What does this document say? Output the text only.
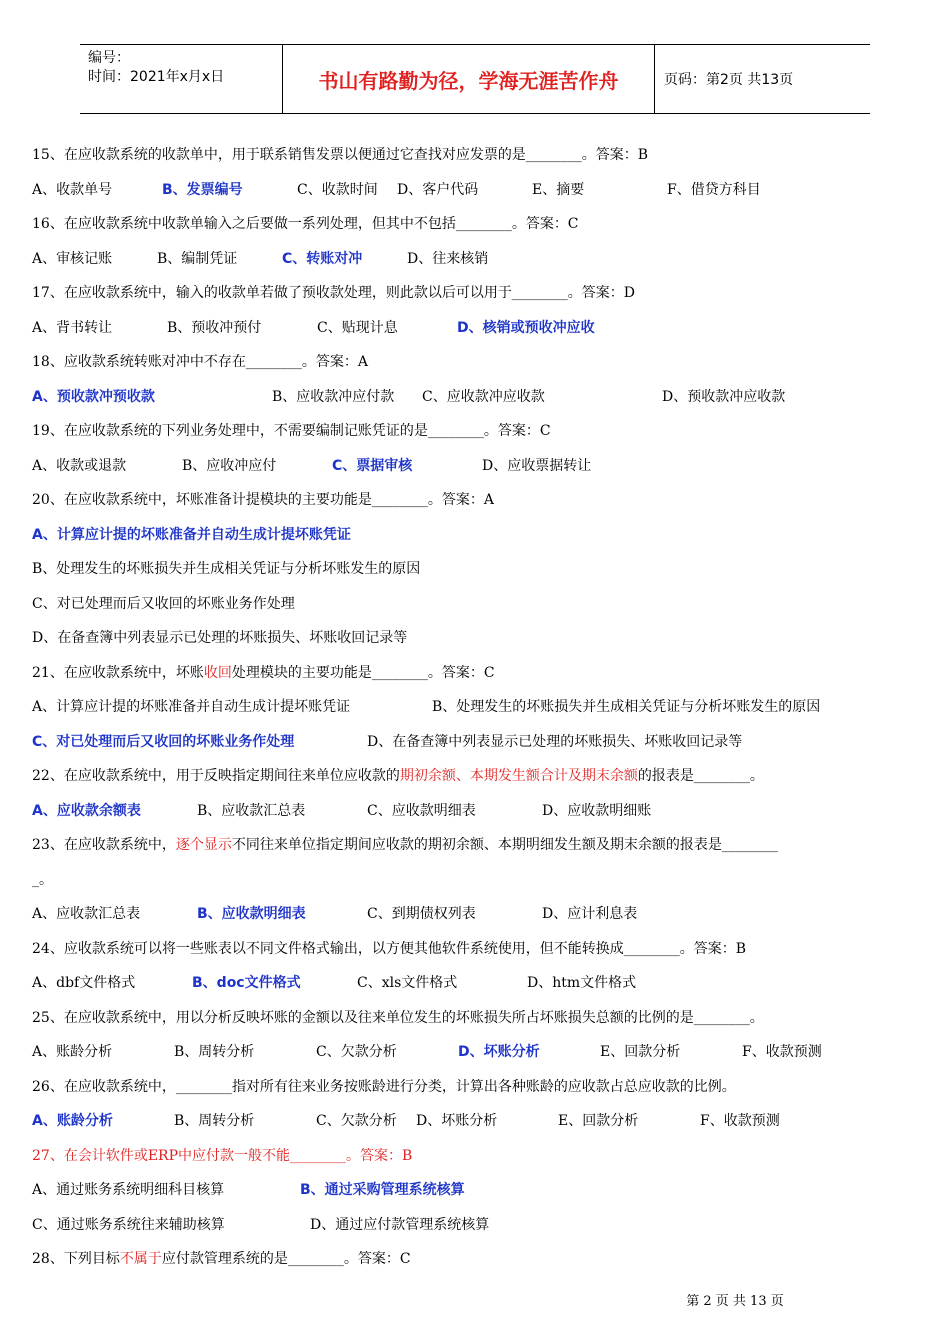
编号：
时间：2021年x月x日	书山有路勤为径，学海无涯苦作舟	页码：第2页 共13页
15、在应收款系统的收款单中，用于联系销售发票以便通过它查找对应发票的是________。答案：B
A、收款单号	B、发票编号	C、收款时间 D、客户代码	E、摘要	F、借贷方科目
16、在应收款系统中收款单输入之后要做一系列处理，但其中不包括________。答案：C
A、审核记账	B、编制凭证	C、转账对冲	D、往来核销
17、在应收款系统中，输入的收款单若做了预收款处理，则此款以后可以用于________。答案：D
A、背书转让	B、预收冲预付	C、贴现计息	D、核销或预收冲应收
18、应收款系统转账对冲中不存在________。答案：A
A、预收款冲预收款	B、应收款冲应付款 C、应收款冲应收款	D、预收款冲应收款
19、在应收款系统的下列业务处理中，不需要编制记账凭证的是________。答案：C
A、收款或退款	B、应收冲应付	C、票据审核	D、应收票据转让
20、在应收款系统中，坏账准备计提模块的主要功能是________。答案：A
A、计算应计提的坏账准备并自动生成计提坏账凭证
B、处理发生的坏账损失并生成相关凭证与分析坏账发生的原因
C、对已处理而后又收回的坏账业务作处理
D、在备查簿中列表显示已处理的坏账损失、坏账收回记录等
21、在应收款系统中，坏账收回处理模块的主要功能是________。答案：C
A、计算应计提的坏账准备并自动生成计提坏账凭证	B、处理发生的坏账损失并生成相关凭证与分析坏账发生的原因
C、对已处理而后又收回的坏账业务作处理	D、在备查簿中列表显示已处理的坏账损失、坏账收回记录等
22、在应收款系统中，用于反映指定期间往来单位应收款的期初余额、本期发生额合计及期末余额的报表是________。
A、应收款余额表	B、应收款汇总表	C、应收款明细表	D、应收款明细账
23、在应收款系统中，逐个显示不同往来单位指定期间应收款的期初余额、本期明细发生额及期末余额的报表是________
_。
A、应收款汇总表	B、应收款明细表	C、到期债权列表	D、应计利息表
24、应收款系统可以将一些账表以不同文件格式输出，以方便其他软件系统使用，但不能转换成________。答案：B
A、dbf文件格式	B、doc文件格式	C、xls文件格式	D、htm文件格式
25、在应收款系统中，用以分析反映坏账的金额以及往来单位发生的坏账损失所占坏账损失总额的比例的是________。
A、账龄分析	B、周转分析	C、欠款分析	D、坏账分析	E、回款分析	F、收款预测
26、在应收款系统中，________指对所有往来业务按账龄进行分类，计算出各种账龄的应收款占总应收款的比例。
A、账龄分析	B、周转分析	C、欠款分析 D、坏账分析	E、回款分析	F、收款预测
27、在会计软件或ERP中应付款一般不能________。答案：B
A、通过账务系统明细科目核算	B、通过采购管理系统核算
C、通过账务系统往来辅助核算	D、通过应付款管理系统核算
28、下列目标不属于应付款管理系统的是________。答案：C
第 2 页 共 13 页
